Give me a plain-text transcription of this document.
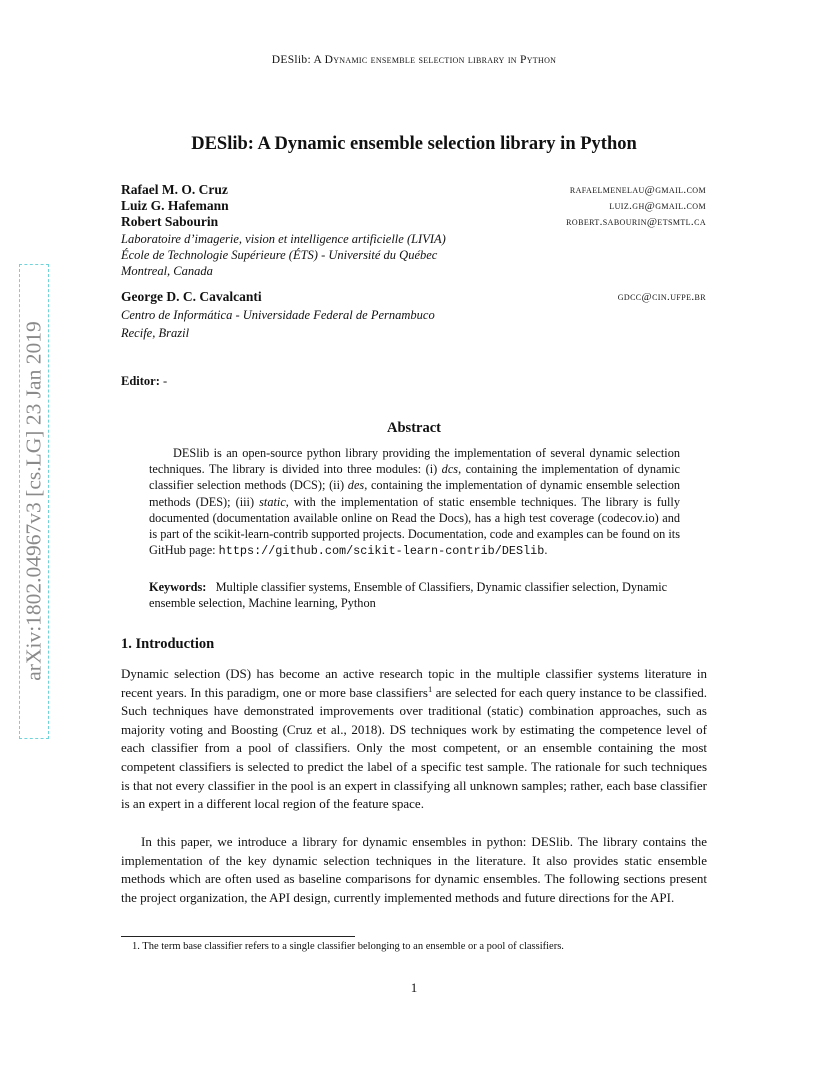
DESlib: A Dynamic ensemble selection library in Python
DESlib: A Dynamic ensemble selection library in Python
Rafael M. O. Cruz	rafaelmenelau@gmail.com
Luiz G. Hafemann	luiz.gh@gmail.com
Robert Sabourin	robert.sabourin@etsmtl.ca
Laboratoire d’imagerie, vision et intelligence artificielle (LIVIA)
École de Technologie Supérieure (ÉTS) - Université du Québec
Montreal, Canada
George D. C. Cavalcanti	gdcc@cin.ufpe.br
Centro de Informática - Universidade Federal de Pernambuco
Recife, Brazil
Editor: -
Abstract

DESlib is an open-source python library providing the implementation of several dynamic selection techniques. The library is divided into three modules: (i) dcs, containing the implementation of dynamic classifier selection methods (DCS); (ii) des, containing the implementation of dynamic ensemble selection methods (DES); (iii) static, with the implementation of static ensemble techniques. The library is fully documented (documentation available online on Read the Docs), has a high test coverage (codecov.io) and is part of the scikit-learn-contrib supported projects. Documentation, code and examples can be found on its GitHub page: https://github.com/scikit-learn-contrib/DESlib.

Keywords: Multiple classifier systems, Ensemble of Classifiers, Dynamic classifier selection, Dynamic ensemble selection, Machine learning, Python

1. Introduction

Dynamic selection (DS) has become an active research topic in the multiple classifier systems literature in recent years. In this paradigm, one or more base classifiers$^1$ are selected for each query instance to be classified. Such techniques have demonstrated improvements over traditional (static) combination approaches, such as majority voting and Boosting (Cruz et al., 2018). DS techniques work by estimating the competence level of each classifier from a pool of classifiers. Only the most competent, or an ensemble containing the most competent classifiers is selected to predict the label of a specific test sample. The rationale for such techniques is that not every classifier in the pool is an expert in classifying all unknown samples; rather, each base classifier is an expert in a different local region of the feature space.

In this paper, we introduce a library for dynamic ensembles in python: DESlib. The library contains the implementation of the key dynamic selection techniques in the literature. It also provides static ensemble methods which are often used as baseline comparisons for dynamic ensembles. The following sections present the project organization, the API design, currently implemented methods and future directions for the API.

1. The term base classifier refers to a single classifier belonging to an ensemble or a pool of classifiers.
1
arXiv:1802.04967v3 [cs.LG] 23 Jan 2019
